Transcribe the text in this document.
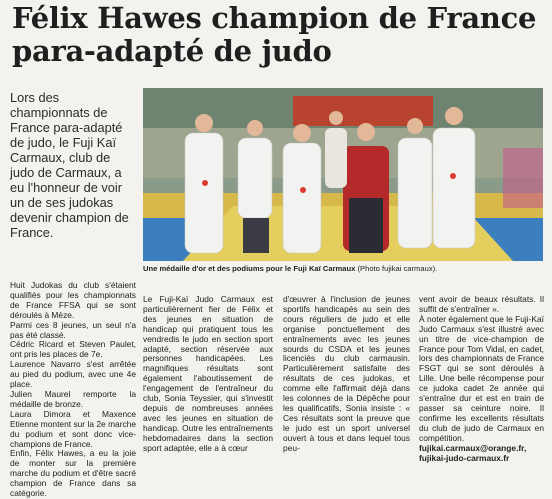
Félix Hawes champion de France para-adapté de judo
Lors des championnats de France para-adapté de judo, le Fuji Kaï Carmaux, club de judo de Carmaux, a eu l'honneur de voir un de ses judokas devenir champion de France.
Une médaille d'or et des podiums pour le Fuji Kaï Carmaux (Photo fujikai carmaux).

Huit Judokas du club s'étaient qualifiés pour les championnats de France FFSA qui se sont déroulés à Mèze.

Parmi ces 8 jeunes, un seul n'a pas été classé.

Cédric Ricard et Steven Paulet, ont pris les places de 7e.

Laurence Navarro s'est arrêtée au pied du podium, avec une 4e place.

Julien Maurel remporte la médaille de bronze.

Laura Dimora et Maxence Etienne montent sur la 2e marche du podium et sont donc vice-champions de France.

Enfin, Félix Hawes, a eu la joie de monter sur la première marche du podium et d'être sacré champion de France dans sa catégorie.

Le Fuji-Kaï Judo Carmaux est particulièrement fier de Félix et des jeunes en situation de handicap qui pratiquent tous les vendredis le judo en section sport adapté, section réservée aux personnes handicapées. Les magnifiques résultats sont également l'aboutissement de l'engagement de l'entraîneur du club, Sonia Teyssier, qui s'investit depuis de nombreuses années avec les jeunes en situation de handicap. Outre les entraînements hebdomadaires dans la section sport adaptée, elle a à cœur

d'œuvrer à l'inclusion de jeunes sportifs handicapés au sein des cours réguliers de judo et elle organise ponctuellement des entraînements avec les jeunes sourds du CSDA et les jeunes licenciés du club carmausin. Particulièrement satisfaite des résultats de ces judokas, et comme elle l'affirmait déjà dans les colonnes de la Dépêche pour les qualificatifs, Sonia insiste : « Ces résultats sont la preuve que le judo est un sport universel ouvert à tous et dans lequel tous peu-

vent avoir de beaux résultats. Il suffit de s'entraîner ».

À noter également que le Fuji-Kaï Judo Carmaux s'est illustré avec un titre de vice-champion de France pour Tom Vidal, en cadet, lors des championnats de France FSGT qui se sont déroulés à Lille. Une belle récompense pour ce judoka cadet 2e année qui s'entraîne dur et est en train de passer sa ceinture noire. Il confirme les excellents résultats du club de judo de Carmaux en compétition.

fujikai.carmaux@orange.fr, fujikai-judo-carmaux.fr
